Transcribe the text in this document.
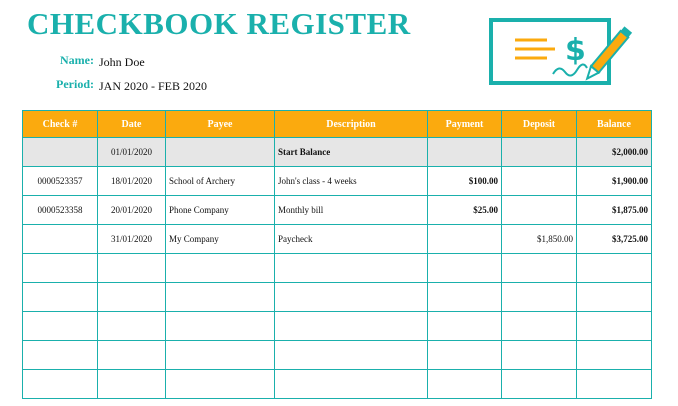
CHECKBOOK REGISTER
Name: John Doe
Period: JAN 2020 - FEB 2020
$
Check #	Date	Payee	Description	Payment	Deposit	Balance
	01/01/2020		Start Balance			$2,000.00
0000523357	18/01/2020	School of Archery	John's class - 4 weeks	$100.00		$1,900.00
0000523358	20/01/2020	Phone Company	Monthly bill	$25.00		$1,875.00
	31/01/2020	My Company	Paycheck		$1,850.00	$3,725.00
